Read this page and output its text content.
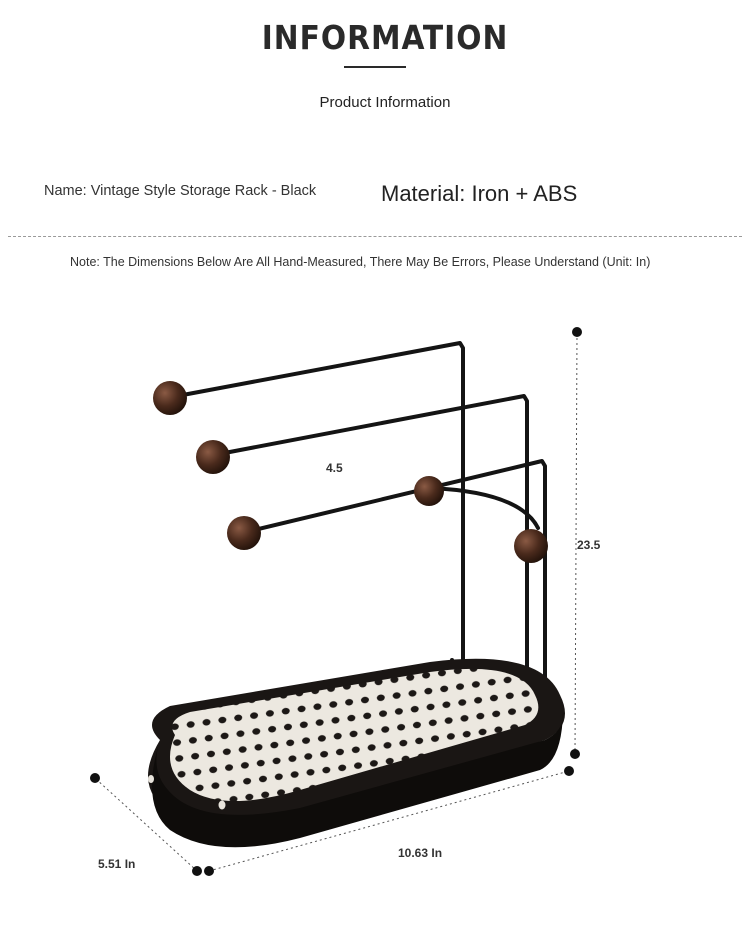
INFORMATION
Product Information
Name: Vintage Style Storage Rack - Black	Material: Iron + ABS
Note: The Dimensions Below Are All Hand-Measured, There May Be Errors, Please Understand (Unit: In)
4.5
23.5
10.63 In
5.51 In
